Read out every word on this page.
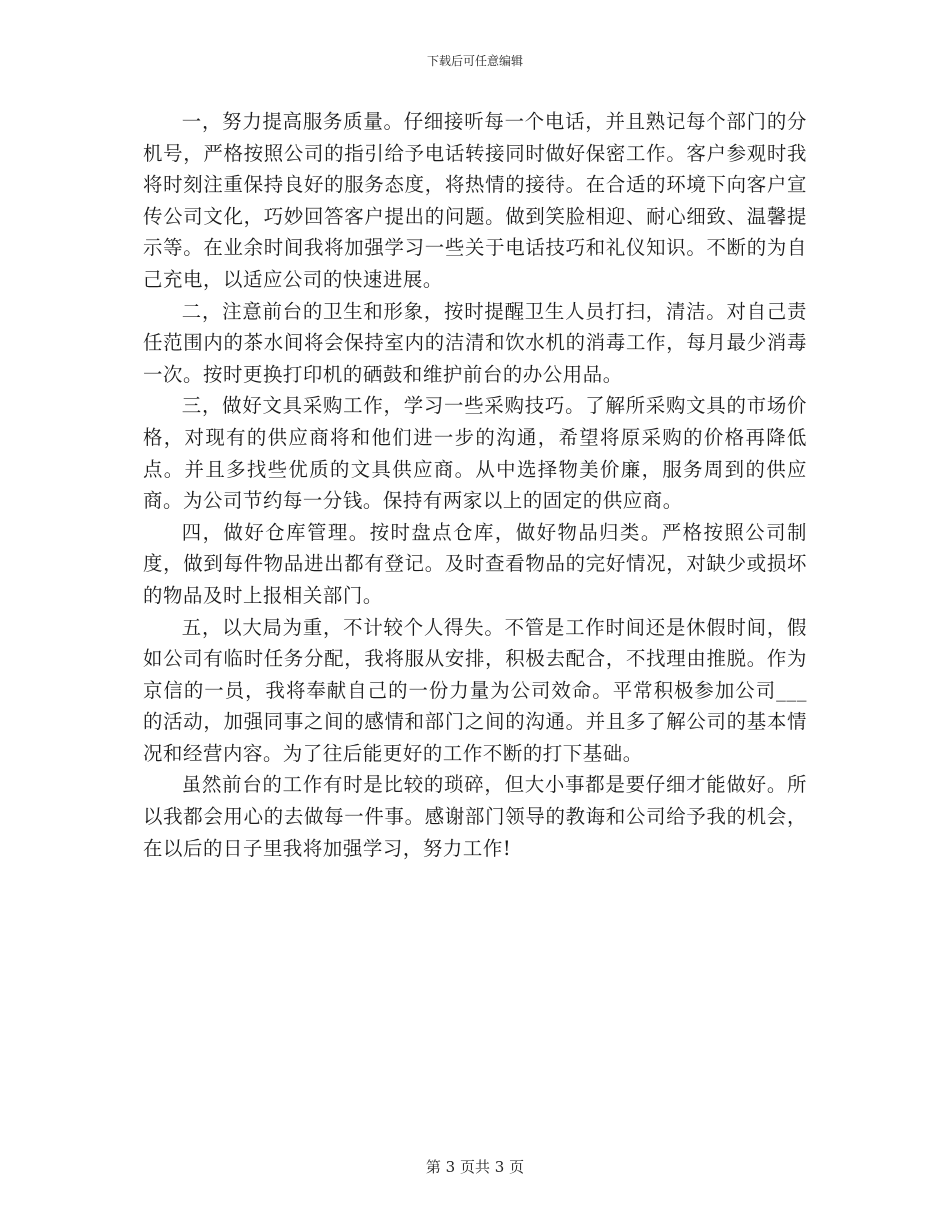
下载后可任意编辑

一，努力提高服务质量。仔细接听每一个电话，并且熟记每个部门的分机号，严格按照公司的指引给予电话转接同时做好保密工作。客户参观时我将时刻注重保持良好的服务态度，将热情的接待。在合适的环境下向客户宣传公司文化，巧妙回答客户提出的问题。做到笑脸相迎、耐心细致、温馨提示等。在业余时间我将加强学习一些关于电话技巧和礼仪知识。不断的为自己充电，以适应公司的快速进展。

二，注意前台的卫生和形象，按时提醒卫生人员打扫，清洁。对自己责任范围内的茶水间将会保持室内的洁清和饮水机的消毒工作，每月最少消毒一次。按时更换打印机的硒鼓和维护前台的办公用品。

三，做好文具采购工作，学习一些采购技巧。了解所采购文具的市场价格，对现有的供应商将和他们进一步的沟通，希望将原采购的价格再降低点。并且多找些优质的文具供应商。从中选择物美价廉，服务周到的供应商。为公司节约每一分钱。保持有两家以上的固定的供应商。

四，做好仓库管理。按时盘点仓库，做好物品归类。严格按照公司制度，做到每件物品进出都有登记。及时查看物品的完好情况，对缺少或损坏的物品及时上报相关部门。

五，以大局为重，不计较个人得失。不管是工作时间还是休假时间，假如公司有临时任务分配，我将服从安排，积极去配合，不找理由推脱。作为京信的一员，我将奉献自己的一份力量为公司效命。平常积极参加公司___的活动，加强同事之间的感情和部门之间的沟通。并且多了解公司的基本情况和经营内容。为了往后能更好的工作不断的打下基础。

虽然前台的工作有时是比较的琐碎，但大小事都是要仔细才能做好。所以我都会用心的去做每一件事。感谢部门领导的教诲和公司给予我的机会，在以后的日子里我将加强学习，努力工作!

第 3 页共 3 页
